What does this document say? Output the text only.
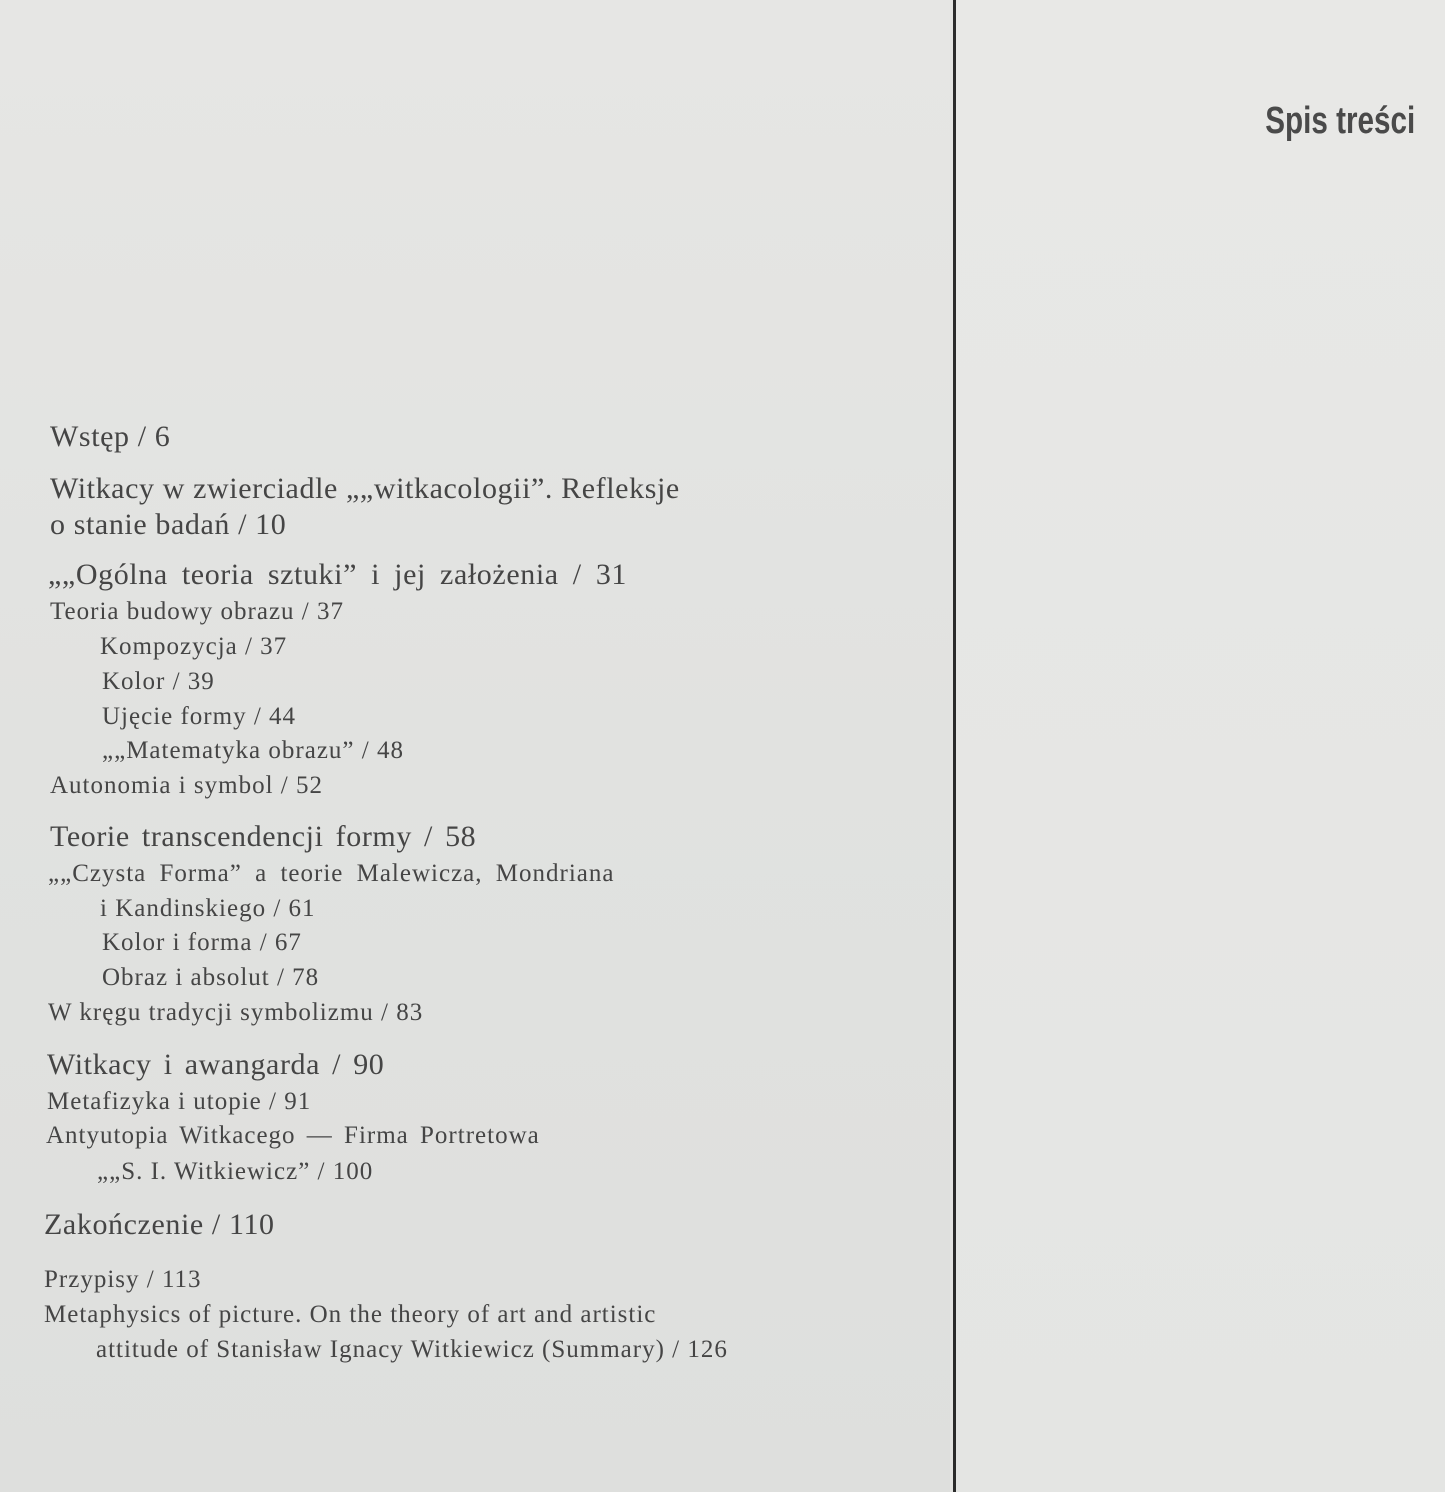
Spis treści
Wstęp / 6
Witkacy w zwierciadle „„witkacologii”. Refleksje
o stanie badań / 10
„„Ogólna teoria sztuki” i jej założenia / 31
Teoria budowy obrazu / 37
Kompozycja / 37
Kolor / 39
Ujęcie formy / 44
„„Matematyka obrazu” / 48
Autonomia i symbol / 52
Teorie transcendencji formy / 58
„„Czysta Forma” a teorie Malewicza, Mondriana
i Kandinskiego / 61
Kolor i forma / 67
Obraz i absolut / 78
W kręgu tradycji symbolizmu / 83
Witkacy i awangarda / 90
Metafizyka i utopie / 91
Antyutopia Witkacego — Firma Portretowa
„„S. I. Witkiewicz” / 100
Zakończenie / 110
Przypisy / 113
Metaphysics of picture. On the theory of art and artistic
attitude of Stanisław Ignacy Witkiewicz (Summary) / 126
